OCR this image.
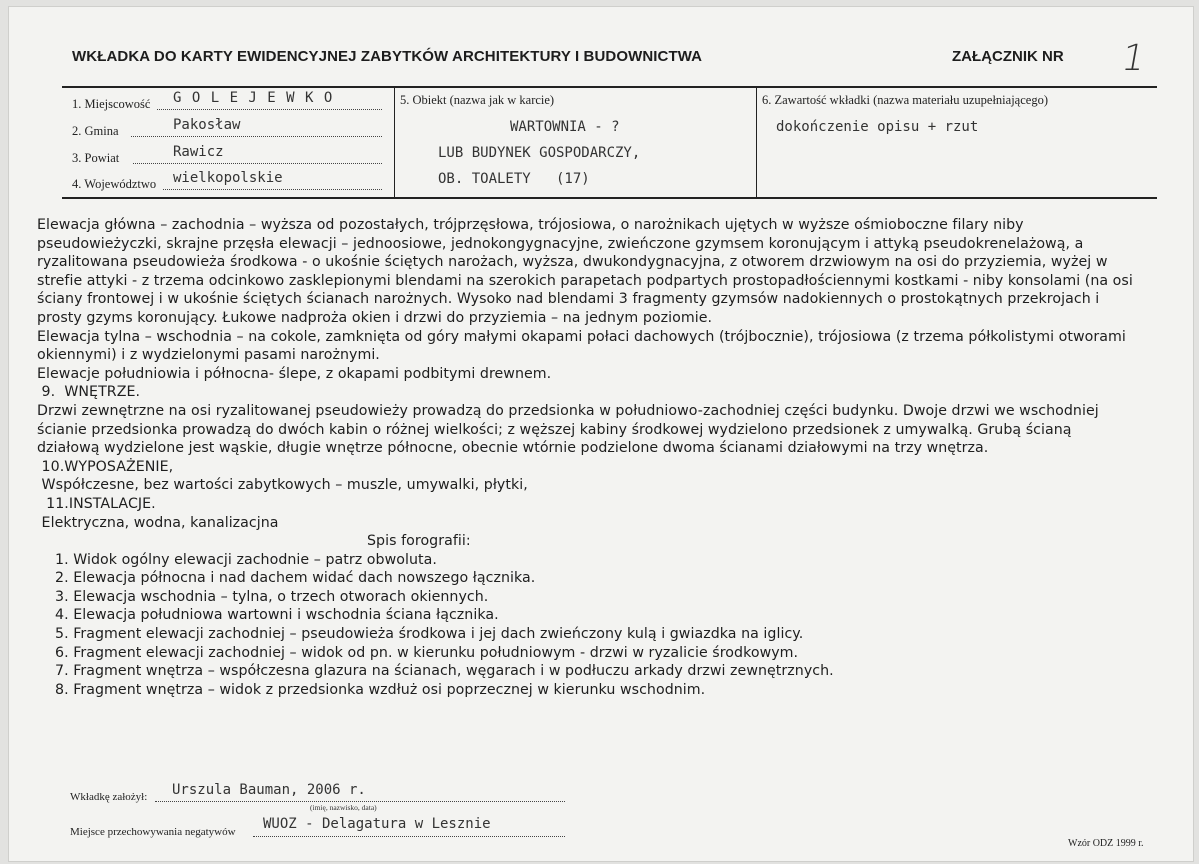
WKŁADKA DO KARTY EWIDENCYJNEJ ZABYTKÓW ARCHITEKTURY I BUDOWNICTWA	ZAŁĄCZNIK NR 1
1. Miejscowość G O L E J E W K O
2. Gmina	Pakosław
3. Powiat	Rawicz
4. Województwo wielkopolskie
5. Obiekt (nazwa jak w karcie)
WARTOWNIA - ?
LUB BUDYNEK GOSPODARCZY,
OB. TOALETY   (17)
6. Zawartość wkładki (nazwa materiału uzupełniającego)
dokończenie opisu + rzut

Elewacja główna – zachodnia – wyższa od pozostałych, trójprzęsłowa, trójosiowa, o narożnikach ujętych w wyższe ośmioboczne filary niby

pseudowieżyczki, skrajne przęsła elewacji – jednoosiowe, jednokongygnacyjne, zwieńczone gzymsem koronującym i attyką pseudokrenelażową, a

ryzalitowana pseudowieża środkowa - o ukośnie ściętych narożach, wyższa, dwukondygnacyjna, z otworem drzwiowym na osi do przyziemia, wyżej w

strefie attyki - z trzema odcinkowo zasklepionymi blendami na szerokich parapetach podpartych prostopadłościennymi kostkami - niby konsolami (na osi

ściany frontowej i w ukośnie ściętych ścianach narożnych. Wysoko nad blendami 3 fragmenty gzymsów nadokiennych o prostokątnych przekrojach i

prosty gzyms koronujący. Łukowe nadproża okien i drzwi do przyziemia – na jednym poziomie.

Elewacja tylna – wschodnia – na cokole, zamknięta od góry małymi okapami połaci dachowych (trójbocznie), trójosiowa (z trzema półkolistymi otworami

okiennymi) i z wydzielonymi pasami narożnymi.

Elewacje południowia i północna- ślepe, z okapami podbitymi drewnem.

9.  WNĘTRZE.

Drzwi zewnętrzne na osi ryzalitowanej pseudowieży prowadzą do przedsionka w południowo-zachodniej części budynku. Dwoje drzwi we wschodniej

ścianie przedsionka prowadzą do dwóch kabin o różnej wielkości; z węższej kabiny środkowej wydzielono przedsionek z umywalką. Grubą ścianą

działową wydzielone jest wąskie, długie wnętrze północne, obecnie wtórnie podzielone dwoma ścianami działowymi na trzy wnętrza.

10.WYPOSAŻENIE,

Współczesne, bez wartości zabytkowych – muszle, umywalki, płytki,

11.INSTALACJE.

Elektryczna, wodna, kanalizacjna

Spis forografii:

1. Widok ogólny elewacji zachodnie – patrz obwoluta.

2. Elewacja północna i nad dachem widać dach nowszego łącznika.

3. Elewacja wschodnia – tylna, o trzech otworach okiennych.

4. Elewacja południowa wartowni i wschodnia ściana łącznika.

5. Fragment elewacji zachodniej – pseudowieża środkowa i jej dach zwieńczony kulą i gwiazdka na iglicy.

6. Fragment elewacji zachodniej – widok od pn. w kierunku południowym - drzwi w ryzalicie środkowym.

7. Fragment wnętrza – współczesna glazura na ścianach, węgarach i w podłuczu arkady drzwi zewnętrznych.

8. Fragment wnętrza – widok z przedsionka wzdłuż osi poprzecznej w kierunku wschodnim.

Wkładkę założył: Urszula Bauman, 2006 r.
(imię, nazwisko, data)
Miejsce przechowywania negatywów WUOZ - Delagatura w Lesznie
Wzór ODZ 1999 r.
